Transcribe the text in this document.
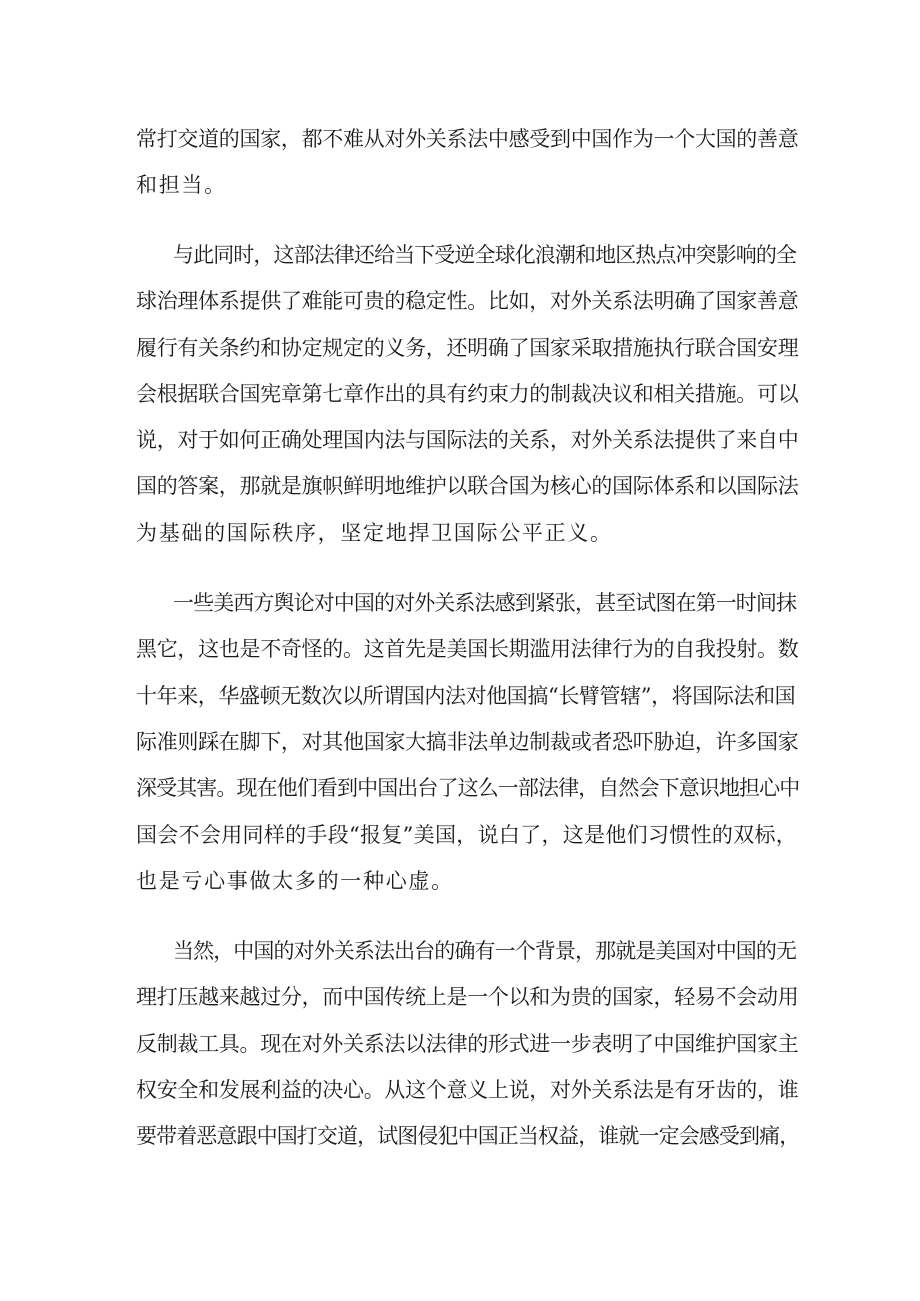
常打交道的国家，都不难从对外关系法中感受到中国作为一个大国的善意

和担当。

与此同时，这部法律还给当下受逆全球化浪潮和地区热点冲突影响的全

球治理体系提供了难能可贵的稳定性。比如，对外关系法明确了国家善意

履行有关条约和协定规定的义务，还明确了国家采取措施执行联合国安理

会根据联合国宪章第七章作出的具有约束力的制裁决议和相关措施。可以

说，对于如何正确处理国内法与国际法的关系，对外关系法提供了来自中

国的答案，那就是旗帜鲜明地维护以联合国为核心的国际体系和以国际法

为基础的国际秩序，坚定地捍卫国际公平正义。

一些美西方舆论对中国的对外关系法感到紧张，甚至试图在第一时间抹

黑它，这也是不奇怪的。这首先是美国长期滥用法律行为的自我投射。数

十年来，华盛顿无数次以所谓国内法对他国搞“长臂管辖”，将国际法和国

际准则踩在脚下，对其他国家大搞非法单边制裁或者恐吓胁迫，许多国家

深受其害。现在他们看到中国出台了这么一部法律，自然会下意识地担心中

国会不会用同样的手段“报复”美国，说白了，这是他们习惯性的双标，

也是亏心事做太多的一种心虚。

当然，中国的对外关系法出台的确有一个背景，那就是美国对中国的无

理打压越来越过分，而中国传统上是一个以和为贵的国家，轻易不会动用

反制裁工具。现在对外关系法以法律的形式进一步表明了中国维护国家主

权安全和发展利益的决心。从这个意义上说，对外关系法是有牙齿的，谁

要带着恶意跟中国打交道，试图侵犯中国正当权益，谁就一定会感受到痛，
